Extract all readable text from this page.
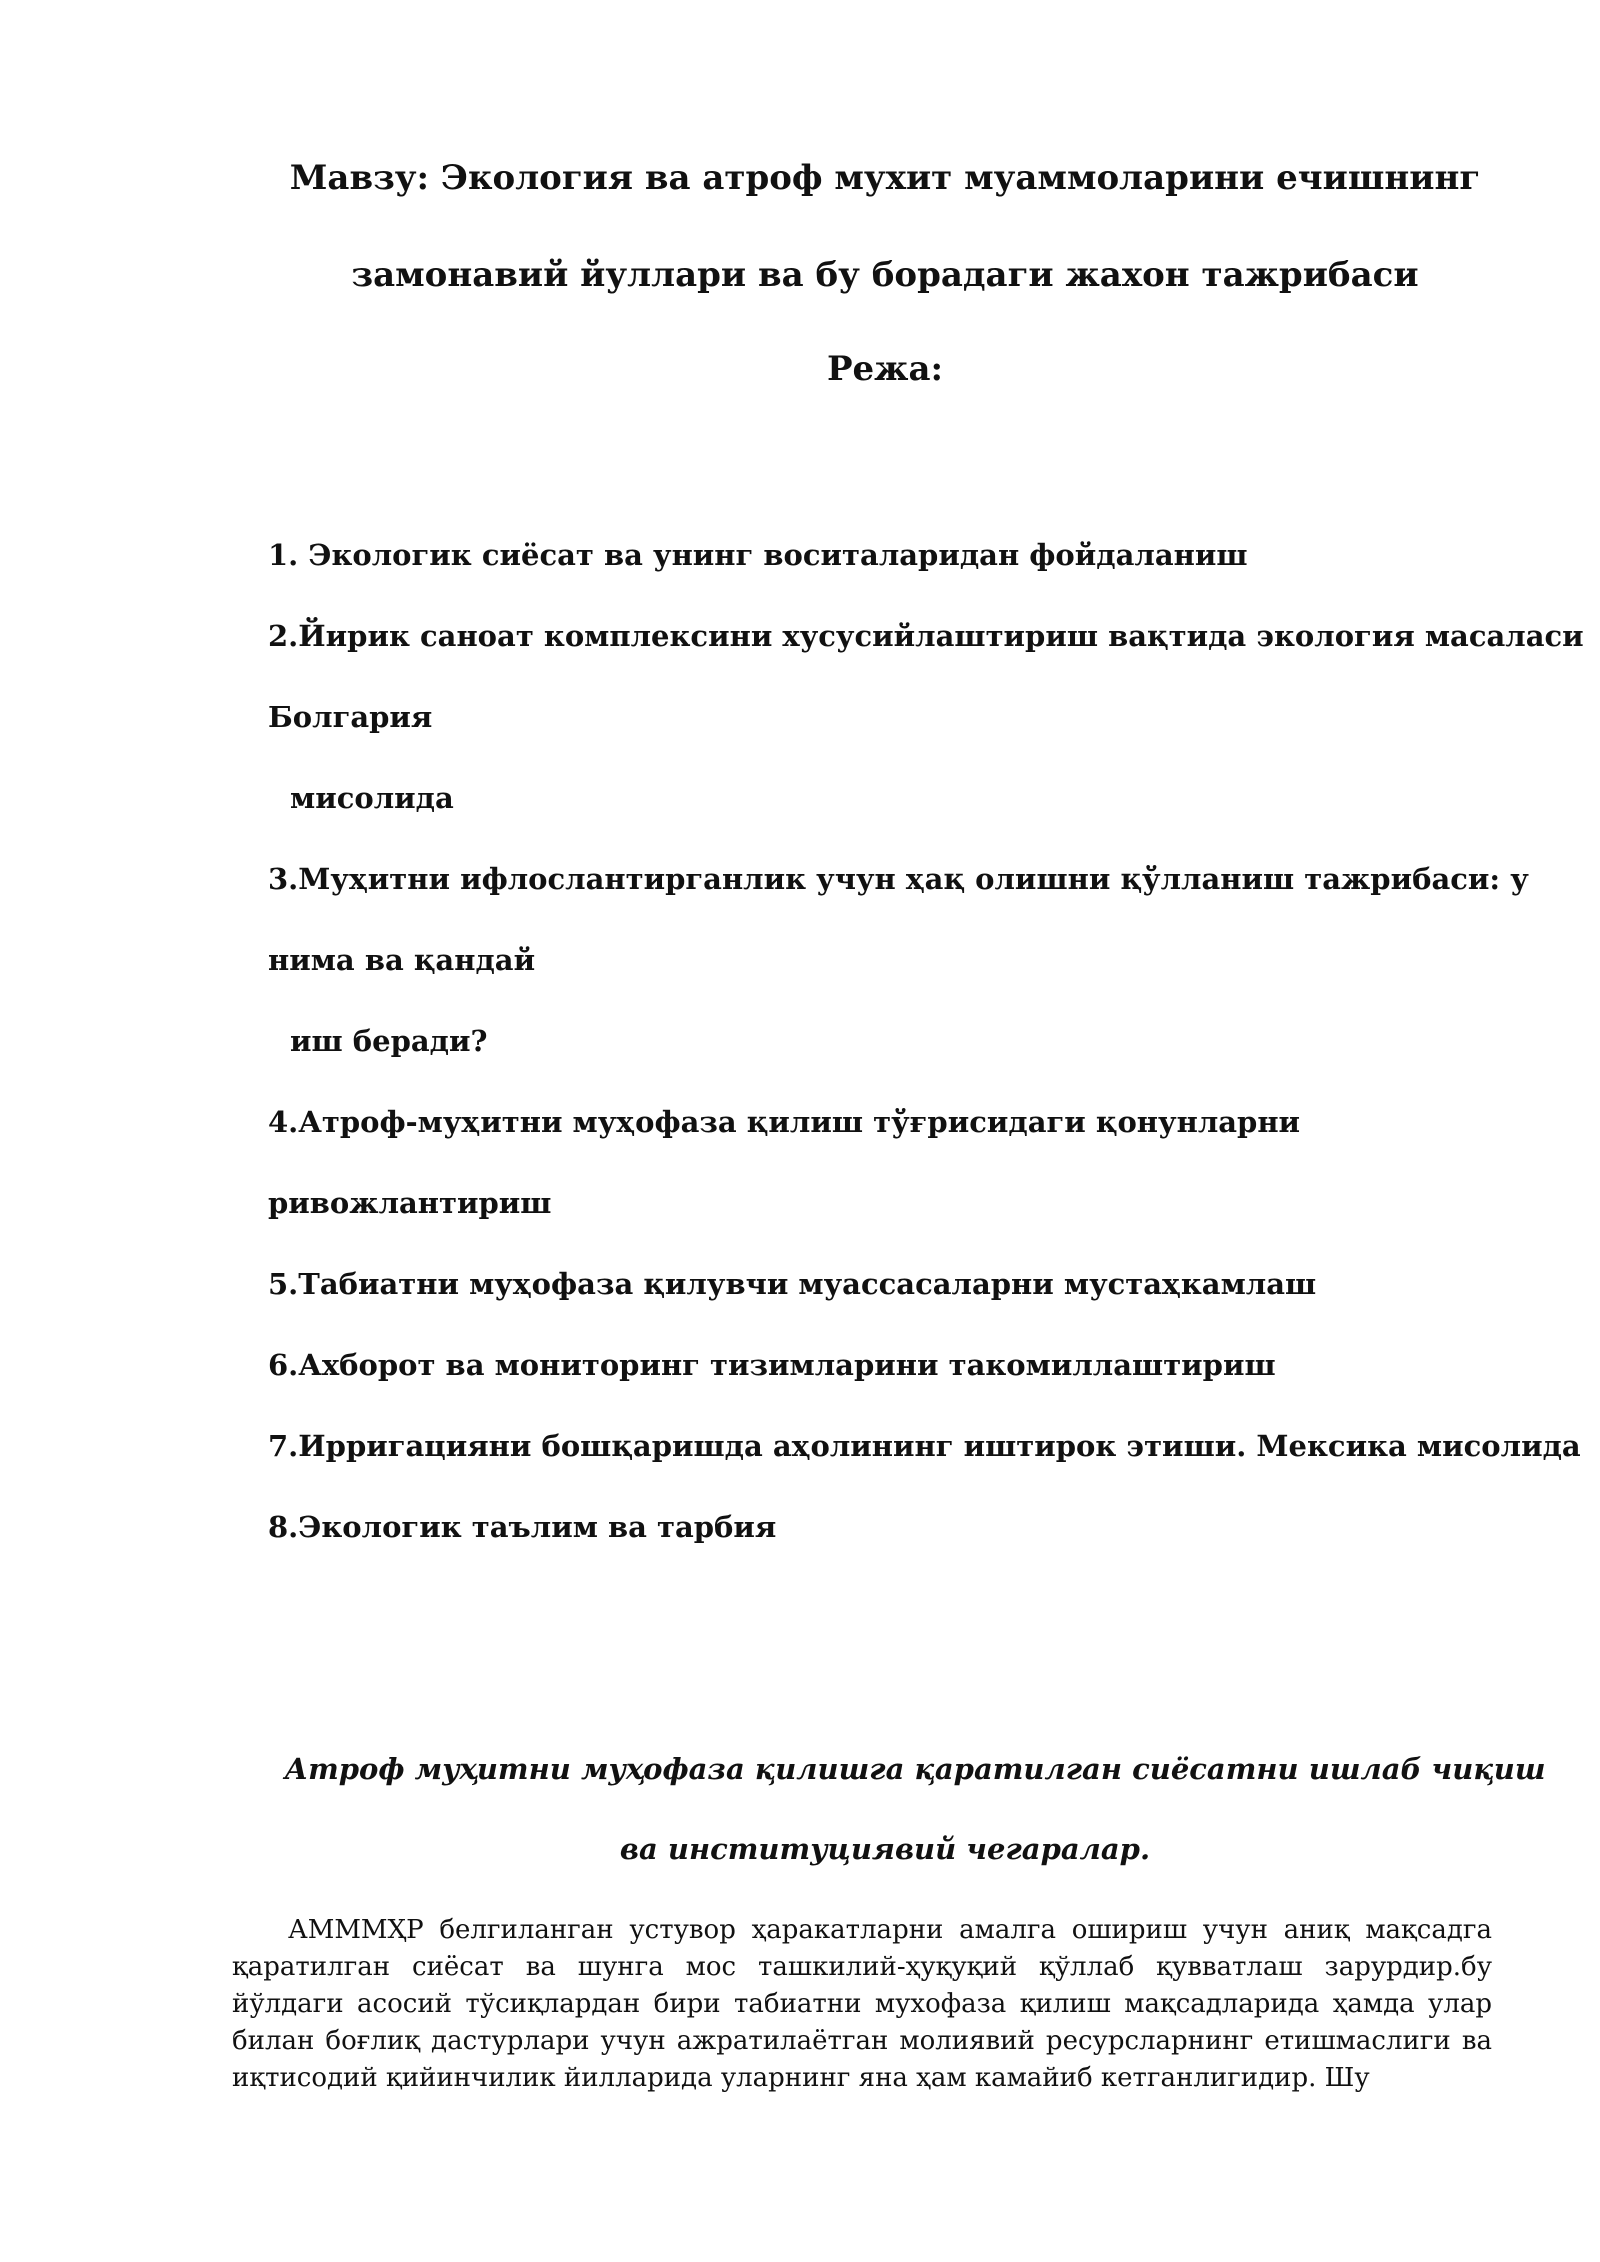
Мавзу: Экология ва атроф мухит муаммоларини ечишнинг
замонавий йуллари ва бу борадаги жахон тажрибаси
Режа:
1. Экологик сиёсат ва унинг воситаларидан фойдаланиш
2.Йирик саноат комплексини хусусийлаштириш вақтида экология масаласи
Болгария
мисолида
3.Муҳитни ифлослантирганлик учун ҳақ олишни қўлланиш тажрибаси: у
нима ва қандай
иш беради?
4.Атроф-муҳитни муҳофаза қилиш тўғрисидаги қонунларни
ривожлантириш
5.Табиатни муҳофаза қилувчи муассасаларни мустаҳкамлаш
6.Ахборот ва мониторинг тизимларини такомиллаштириш
7.Ирригацияни бошқаришда аҳолининг иштирок этиши. Мексика мисолида
8.Экологик таълим ва тарбия
Атроф муҳитни муҳофаза қилишга қаратилган сиёсатни ишлаб чиқиш
ва институциявий чегаралар.
АМММҲР белгиланган устувор ҳаракатларни амалга ошириш учун аниқ мақсадга қаратилган сиёсат ва шунга мос ташкилий-ҳуқуқий қўллаб қувватлаш зарурдир.бу йўлдаги асосий тўсиқлардан бири табиатни мухофаза қилиш мақсадларида ҳамда улар билан боғлиқ дастурлари учун ажратилаётган молиявий ресурсларнинг етишмаслиги ва иқтисодий қийинчилик йилларида уларнинг яна ҳам камайиб кетганлигидир. Шу
